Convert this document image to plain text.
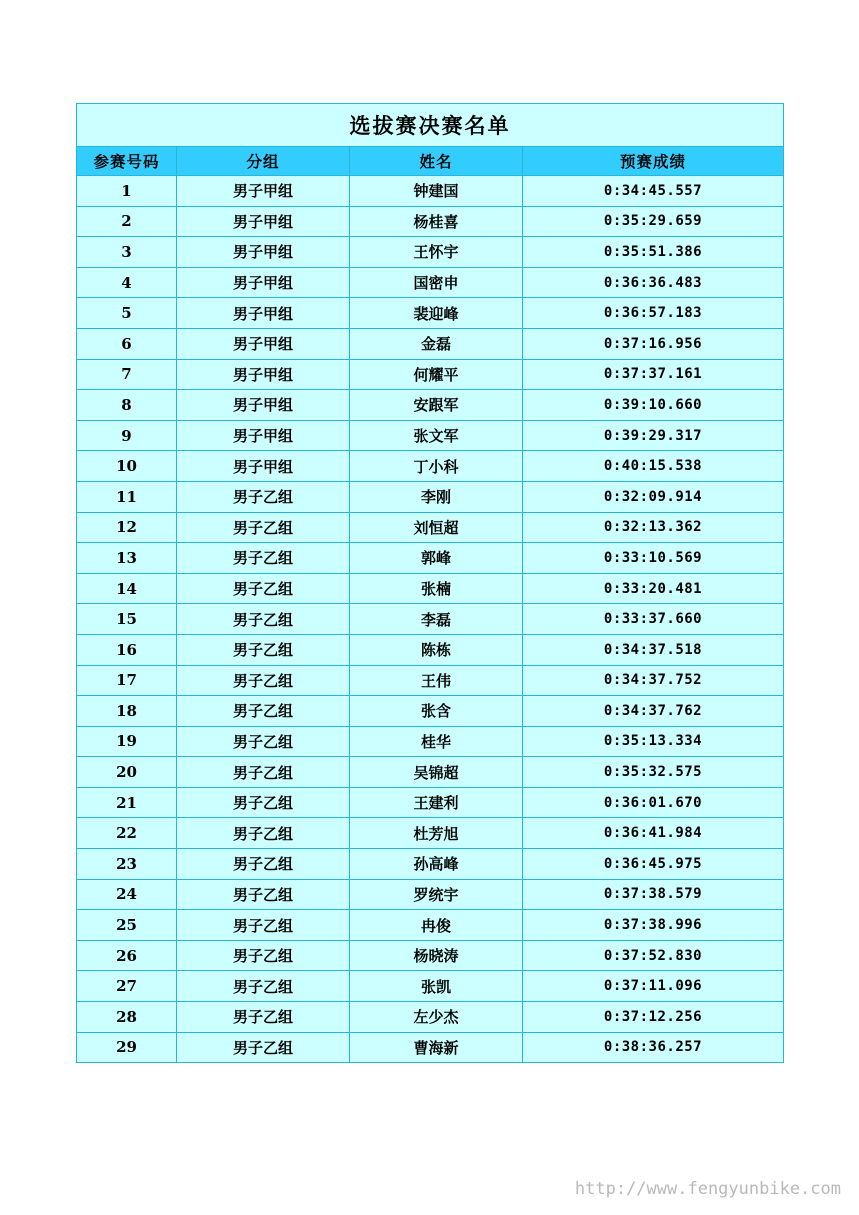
选拔赛决赛名单			
参赛号码	分组	姓名	预赛成绩
1	男子甲组	钟建国	0:34:45.557
2	男子甲组	杨桂喜	0:35:29.659
3	男子甲组	王怀宇	0:35:51.386
4	男子甲组	国密申	0:36:36.483
5	男子甲组	裴迎峰	0:36:57.183
6	男子甲组	金磊	0:37:16.956
7	男子甲组	何耀平	0:37:37.161
8	男子甲组	安跟军	0:39:10.660
9	男子甲组	张文军	0:39:29.317
10	男子甲组	丁小科	0:40:15.538
11	男子乙组	李刚	0:32:09.914
12	男子乙组	刘恒超	0:32:13.362
13	男子乙组	郭峰	0:33:10.569
14	男子乙组	张楠	0:33:20.481
15	男子乙组	李磊	0:33:37.660
16	男子乙组	陈栋	0:34:37.518
17	男子乙组	王伟	0:34:37.752
18	男子乙组	张含	0:34:37.762
19	男子乙组	桂华	0:35:13.334
20	男子乙组	吴锦超	0:35:32.575
21	男子乙组	王建利	0:36:01.670
22	男子乙组	杜芳旭	0:36:41.984
23	男子乙组	孙高峰	0:36:45.975
24	男子乙组	罗统宇	0:37:38.579
25	男子乙组	冉俊	0:37:38.996
26	男子乙组	杨晓涛	0:37:52.830
27	男子乙组	张凯	0:37:11.096
28	男子乙组	左少杰	0:37:12.256
29	男子乙组	曹海新	0:38:36.257
http://www.fengyunbike.com
